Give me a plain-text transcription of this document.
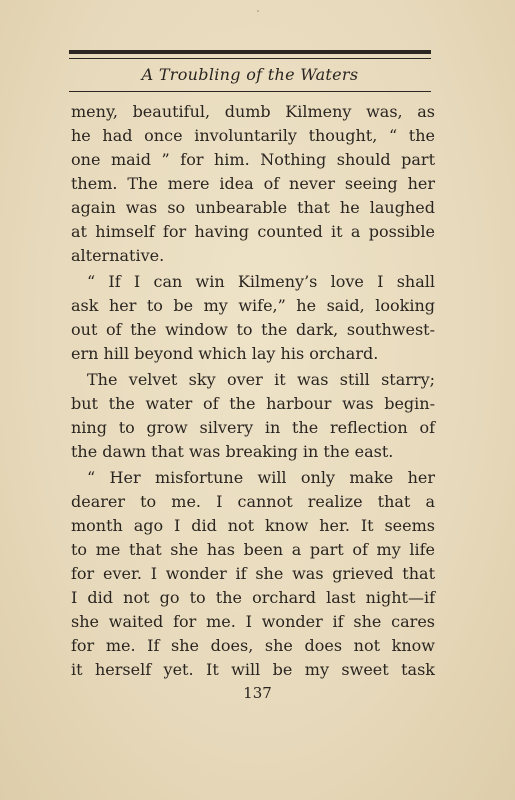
A Troubling of the Waters
meny, beautiful, dumb Kilmeny was, as
he had once involuntarily thought, “ the
one maid ” for him. Nothing should part
them. The mere idea of never seeing her
again was so unbearable that he laughed
at himself for having counted it a possible
alternative.
“ If I can win Kilmeny’s love I shall
ask her to be my wife,” he said, looking
out of the window to the dark, southwest-
ern hill beyond which lay his orchard.
The velvet sky over it was still starry;
but the water of the harbour was begin-
ning to grow silvery in the reflection of
the dawn that was breaking in the east.
“ Her misfortune will only make her
dearer to me. I cannot realize that a
month ago I did not know her. It seems
to me that she has been a part of my life
for ever. I wonder if she was grieved that
I did not go to the orchard last night—if
she waited for me. I wonder if she cares
for me. If she does, she does not know
it herself yet. It will be my sweet task
137
